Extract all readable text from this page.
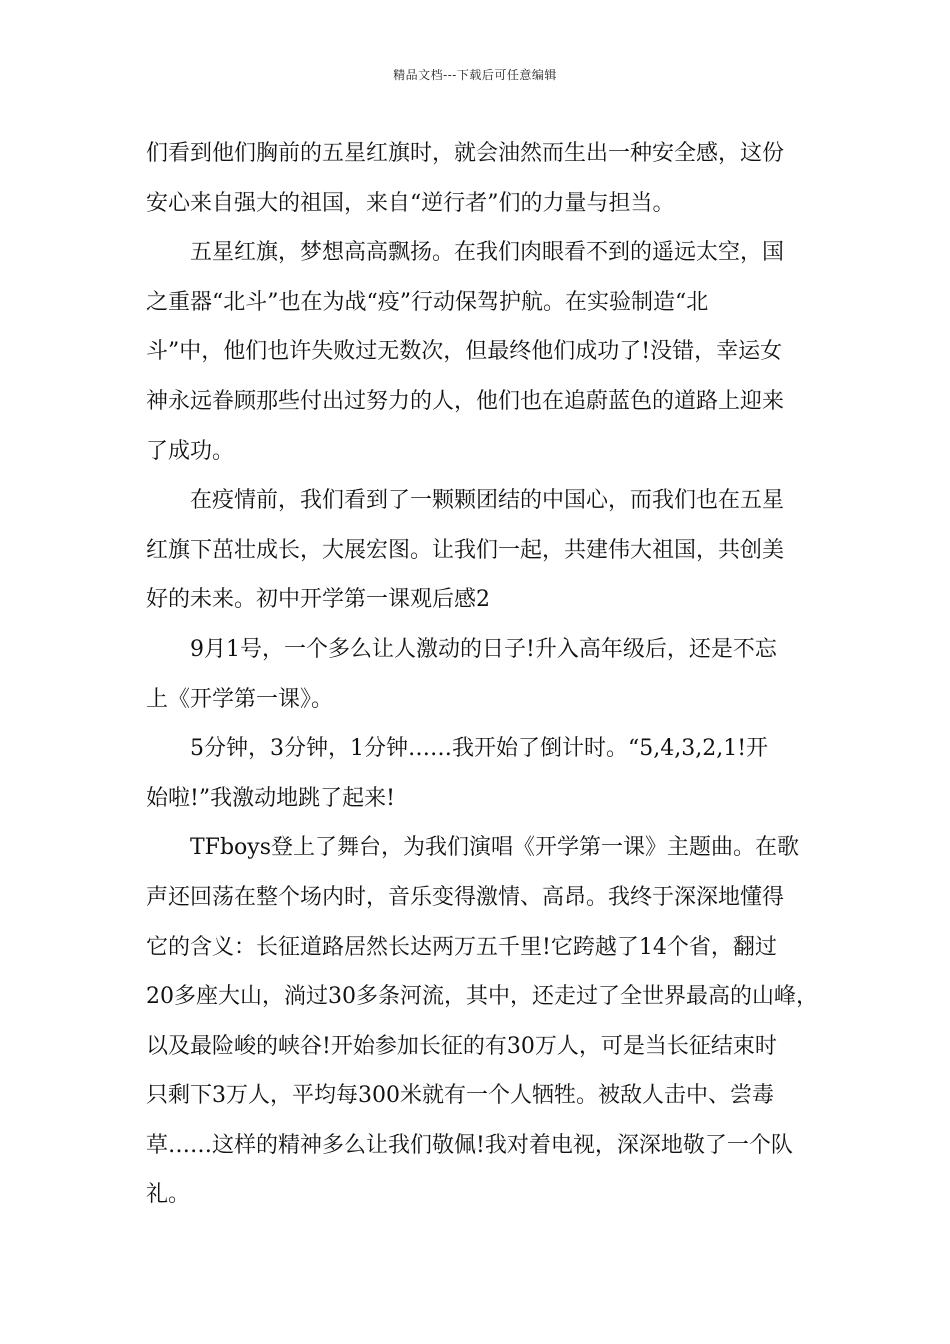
精品文档---下载后可任意编辑
们看到他们胸前的五星红旗时，就会油然而生出一种安全感，这份
安心来自强大的祖国，来自“逆行者”们的力量与担当。
五星红旗，梦想高高飘扬。在我们肉眼看不到的遥远太空，国
之重器“北斗”也在为战“疫”行动保驾护航。在实验制造“北
斗”中，他们也许失败过无数次，但最终他们成功了!没错，幸运女
神永远眷顾那些付出过努力的人，他们也在追蔚蓝色的道路上迎来
了成功。
在疫情前，我们看到了一颗颗团结的中国心，而我们也在五星
红旗下茁壮成长，大展宏图。让我们一起，共建伟大祖国，共创美
好的未来。初中开学第一课观后感2
9月1号，一个多么让人激动的日子!升入高年级后，还是不忘
上《开学第一课》。
5分钟，3分钟，1分钟……我开始了倒计时。“5,4,3,2,1!开
始啦!”我激动地跳了起来!
TFboys登上了舞台，为我们演唱《开学第一课》主题曲。在歌
声还回荡在整个场内时，音乐变得激情、高昂。我终于深深地懂得
它的含义：长征道路居然长达两万五千里!它跨越了14个省，翻过
20多座大山，淌过30多条河流，其中，还走过了全世界最高的山峰，
以及最险峻的峡谷!开始参加长征的有30万人，可是当长征结束时
只剩下3万人，平均每300米就有一个人牺牲。被敌人击中、尝毒
草……这样的精神多么让我们敬佩!我对着电视，深深地敬了一个队
礼。
